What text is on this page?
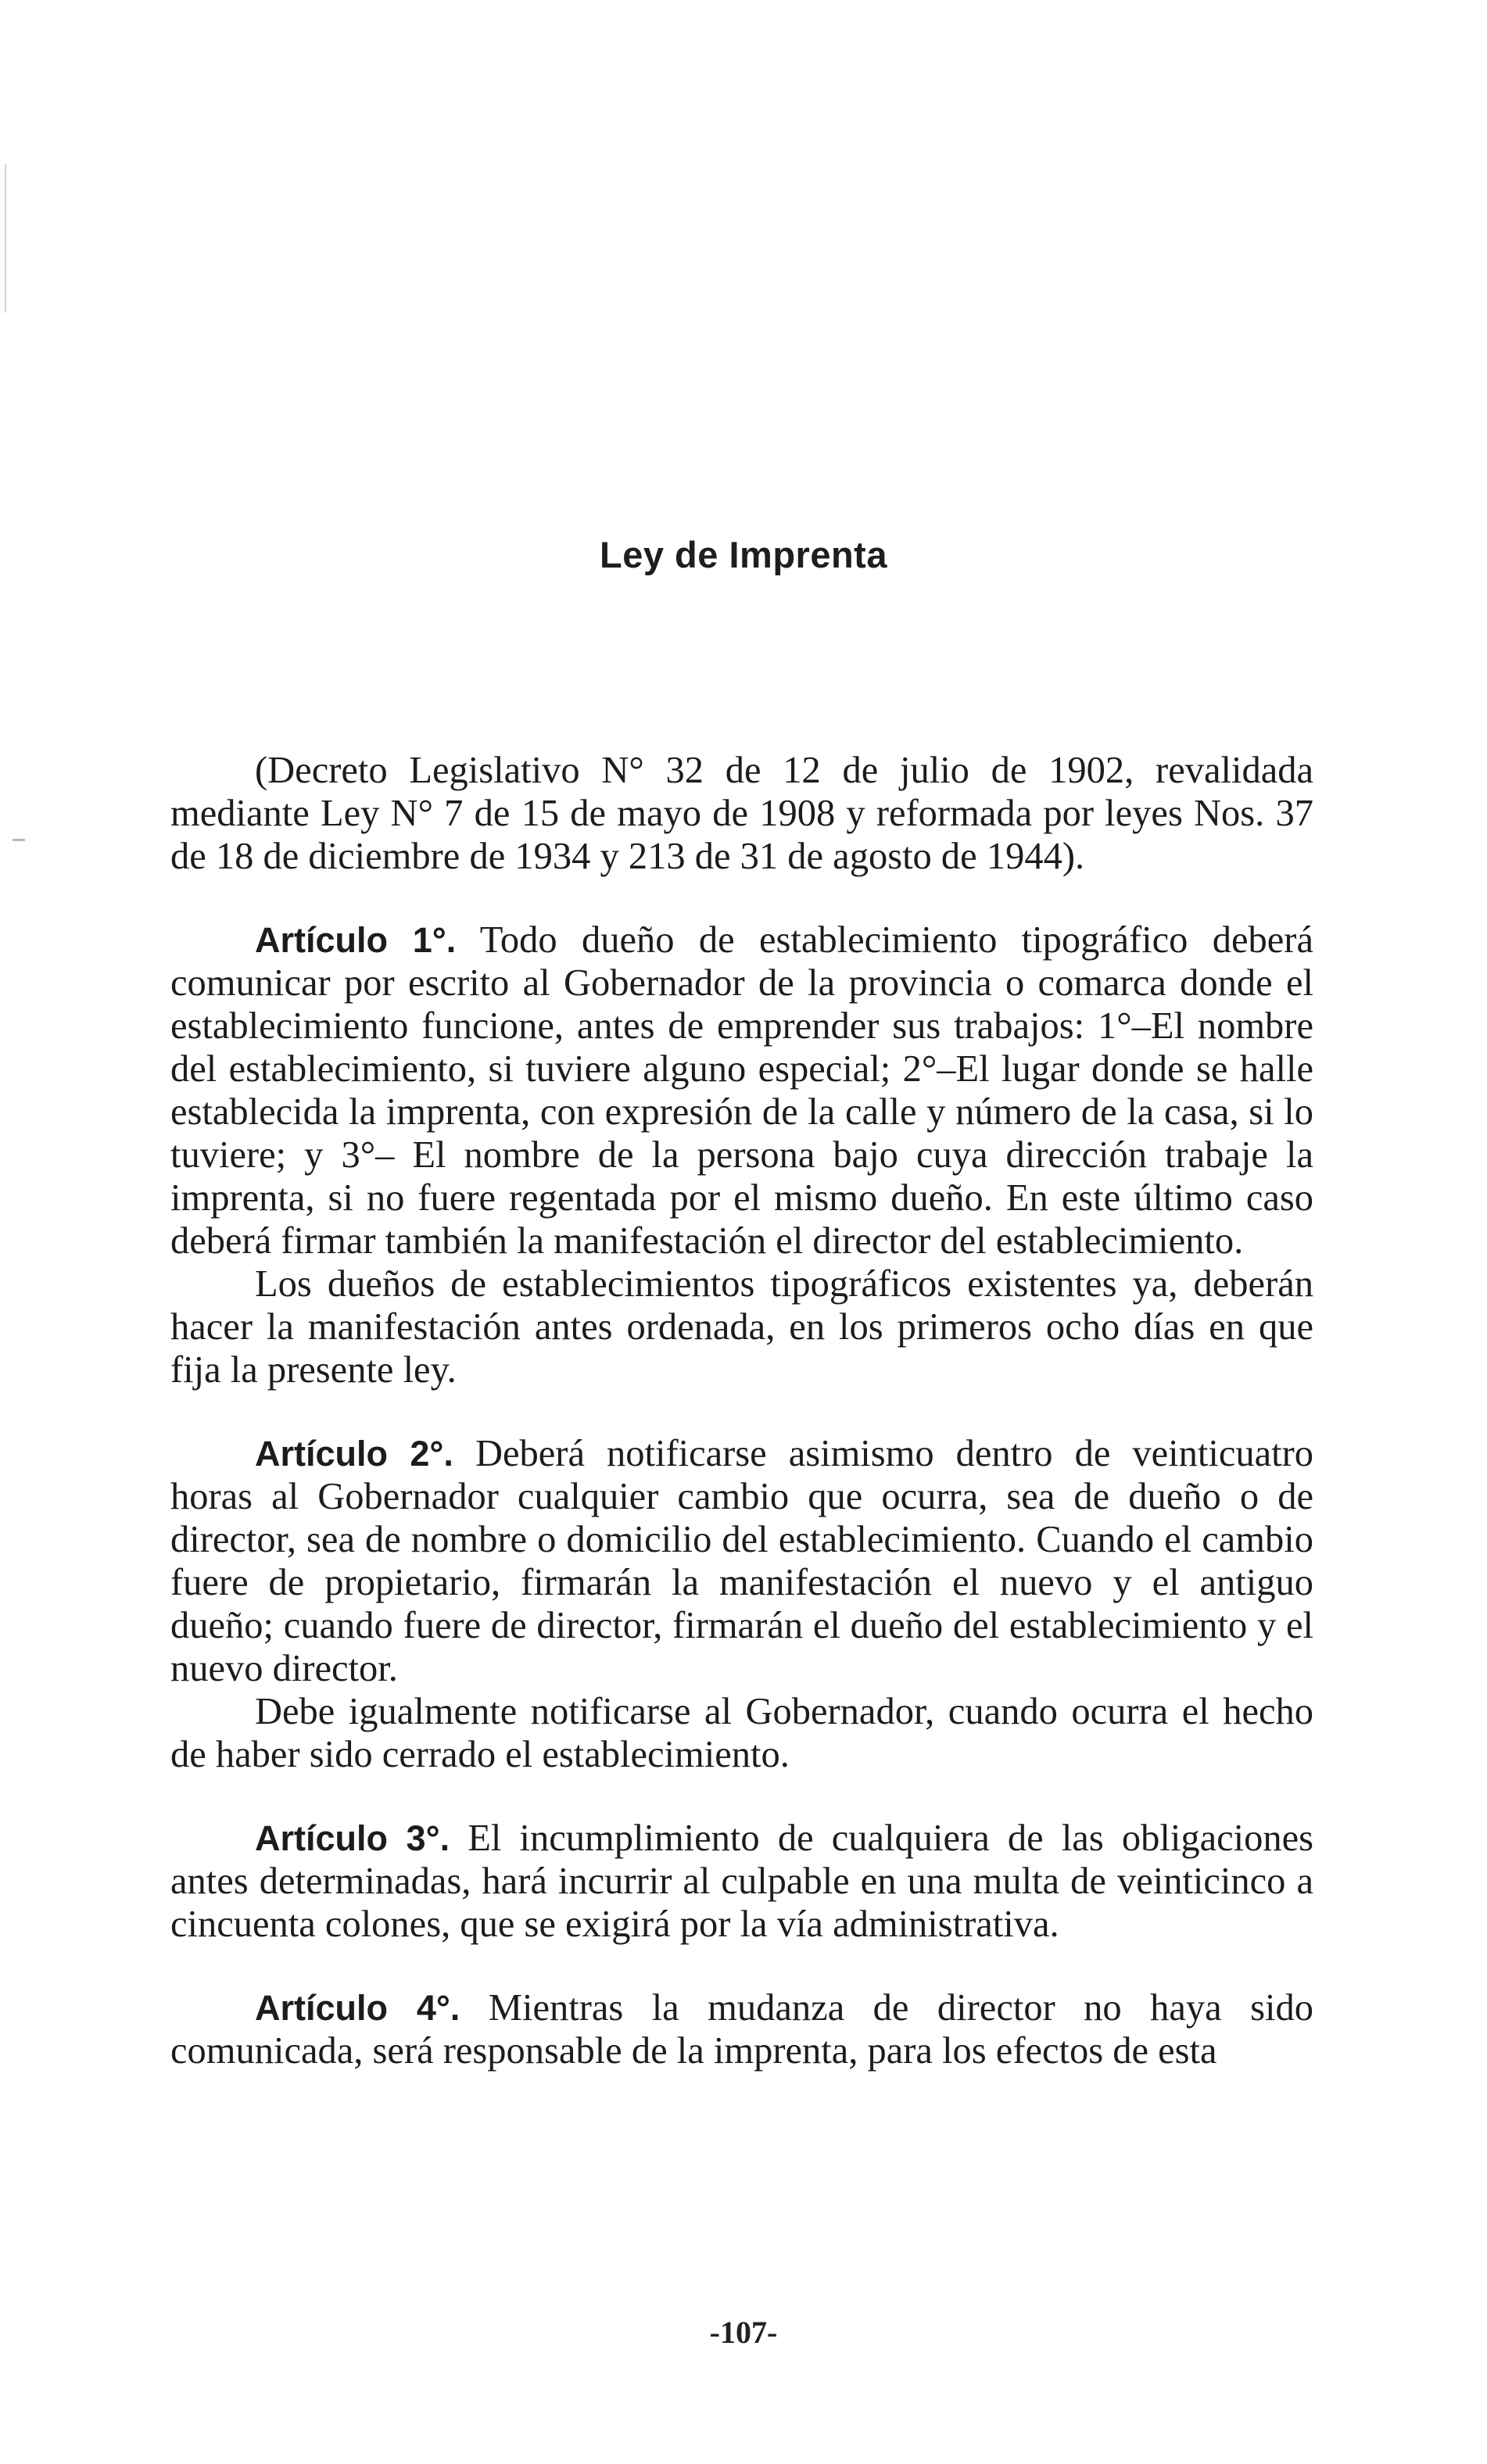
Ley de Imprenta

(Decreto Legislativo N° 32 de 12 de julio de 1902, revalidada mediante Ley N° 7 de 15 de mayo de 1908 y reformada por leyes Nos. 37 de 18 de diciembre de 1934 y 213 de 31 de agosto de 1944).

Artículo 1°. Todo dueño de establecimiento tipográfico deberá comunicar por escrito al Gobernador de la provincia o comarca donde el establecimiento funcione, antes de emprender sus trabajos: 1°–El nombre del establecimiento, si tuviere alguno especial; 2°–El lugar donde se halle establecida la imprenta, con expresión de la calle y número de la casa, si lo tuviere; y 3°– El nombre de la persona bajo cuya dirección trabaje la imprenta, si no fuere regentada por el mismo dueño. En este último caso deberá firmar también la manifestación el director del establecimiento.

Los dueños de establecimientos tipográficos existentes ya, deberán hacer la manifestación antes ordenada, en los primeros ocho días en que fija la presente ley.

Artículo 2°. Deberá notificarse asimismo dentro de veinticuatro horas al Gobernador cualquier cambio que ocurra, sea de dueño o de director, sea de nombre o domicilio del establecimiento. Cuando el cambio fuere de propietario, firmarán la manifestación el nuevo y el antiguo dueño; cuando fuere de director, firmarán el dueño del establecimiento y el nuevo director.

Debe igualmente notificarse al Gobernador, cuando ocurra el hecho de haber sido cerrado el establecimiento.

Artículo 3°. El incumplimiento de cualquiera de las obligaciones antes determinadas, hará incurrir al culpable en una multa de veinticinco a cincuenta colones, que se exigirá por la vía administrativa.

Artículo 4°. Mientras la mudanza de director no haya sido comunicada, será responsable de la imprenta, para los efectos de esta

-107-
